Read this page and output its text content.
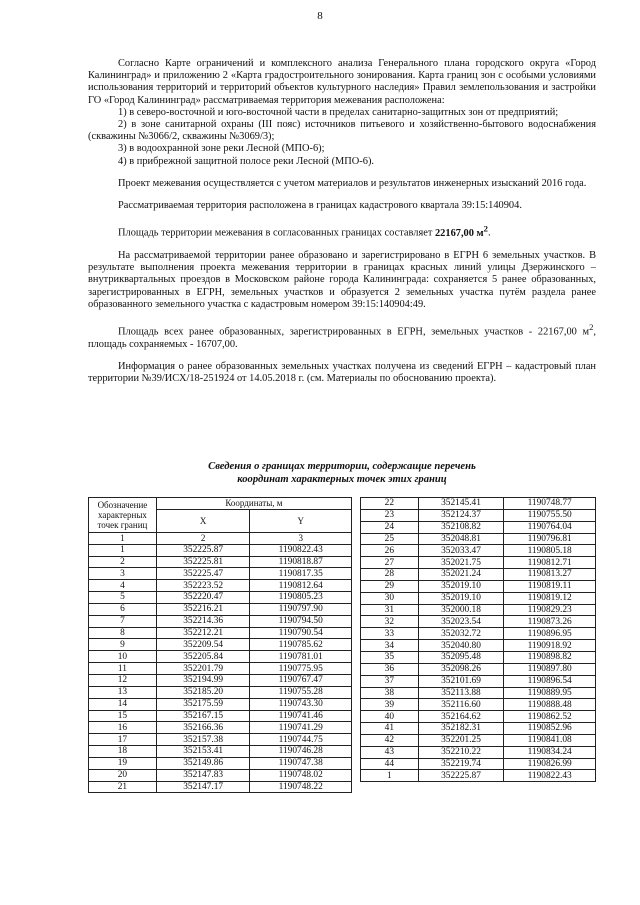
8

Согласно Карте ограничений и комплексного анализа Генерального плана городского округа «Город Калининград» и приложению 2 «Карта градостроительного зонирования. Карта границ зон с особыми условиями использования территорий и территорий объектов культурного наследия» Правил землепользования и застройки ГО «Город Калининград» рассматриваемая территория межевания расположена:

1) в северо-восточной и юго-восточной части в пределах санитарно-защитных зон от предприятий;

2) в зоне санитарной охраны (III пояс) источников питьевого и хозяйственно-бытового водоснабжения (скважины №3066/2, скважины №3069/3);

3) в водоохранной зоне реки Лесной (МПО-6);

4) в прибрежной защитной полосе реки Лесной (МПО-6).

Проект межевания осуществляется с учетом материалов и результатов инженерных изысканий 2016 года.

Рассматриваемая территория расположена в границах кадастрового квартала 39:15:140904.

Площадь территории межевания в согласованных границах составляет 22167,00 $м^2$.

На рассматриваемой территории ранее образовано и зарегистрировано в ЕГРН 6 земельных участков. В результате выполнения проекта межевания территории в границах красных линий улицы Дзержинского – внутриквартальных проездов в Московском районе города Калининграда: сохраняется 5 ранее образованных, зарегистрированных в ЕГРН, земельных участков и образуется 2 земельных участка путём раздела ранее образованного земельного участка с кадастровым номером 39:15:140904:49.

Площадь всех ранее образованных, зарегистрированных в ЕГРН, земельных участков - 22167,00 $м^2$, площадь сохраняемых - 16707,00.

Информация о ранее образованных земельных участках получена из сведений ЕГРН – кадастровый план территории №39/ИСХ/18-251924 от 14.05.2018 г. (см. Материалы по обоснованию проекта).

Сведения о границах территории, содержащие перечень
координат характерных точек этих границ
Обозначение характерных точек границ	Координаты, м	
	X	Y
1	2	3
1	352225.87	1190822.43
2	352225.81	1190818.87
3	352225.47	1190817.35
4	352223.52	1190812.64
5	352220.47	1190805.23
6	352216.21	1190797.90
7	352214.36	1190794.50
8	352212.21	1190790.54
9	352209.54	1190785.62
10	352205.84	1190781.01
11	352201.79	1190775.95
12	352194.99	1190767.47
13	352185.20	1190755.28
14	352175.59	1190743.30
15	352167.15	1190741.46
16	352166.36	1190741.29
17	352157.38	1190744.75
18	352153.41	1190746.28
19	352149.86	1190747.38
20	352147.83	1190748.02
21	352147.17	1190748.22
22	352145.41	1190748.77
23	352124.37	1190755.50
24	352108.82	1190764.04
25	352048.81	1190796.81
26	352033.47	1190805.18
27	352021.75	1190812.71
28	352021.24	1190813.27
29	352019.10	1190819.11
30	352019.10	1190819.12
31	352000.18	1190829.23
32	352023.54	1190873.26
33	352032.72	1190896.95
34	352040.80	1190918.92
35	352095.48	1190898.82
36	352098.26	1190897.80
37	352101.69	1190896.54
38	352113.88	1190889.95
39	352116.60	1190888.48
40	352164.62	1190862.52
41	352182.31	1190852.96
42	352201.25	1190841.08
43	352210.22	1190834.24
44	352219.74	1190826.99
1	352225.87	1190822.43
